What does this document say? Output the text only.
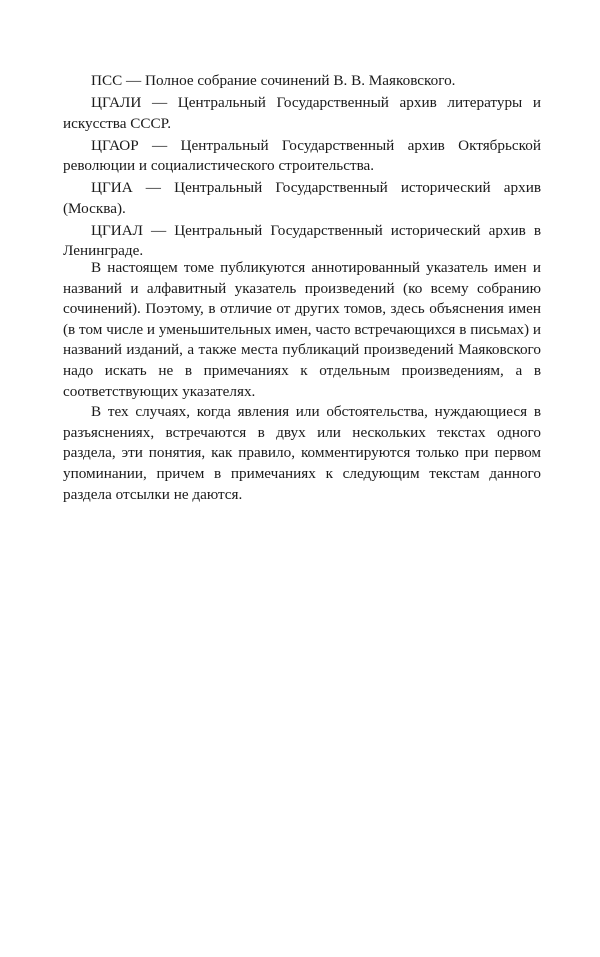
ПСС — Полное собрание сочинений В. В. Маяковского.

ЦГАЛИ — Центральный Государственный архив литературы и искусства СССР.

ЦГАОР — Центральный Государственный архив Октябрьской революции и социалистического строительства.

ЦГИА — Центральный Государственный исторический архив (Москва).

ЦГИАЛ — Центральный Государственный исторический архив в Ленинграде.

В настоящем томе публикуются аннотированный указатель имен и названий и алфавитный указатель произведений (ко всему собранию сочинений). Поэтому, в отличие от других томов, здесь объяснения имен (в том числе и уменьшительных имен, часто встречающихся в письмах) и названий изданий, а также места публикаций произведений Маяковского надо искать не в примечаниях к отдельным произведениям, а в соответствующих указателях.

В тех случаях, когда явления или обстоятельства, нуждающиеся в разъяснениях, встречаются в двух или нескольких текстах одного раздела, эти понятия, как правило, комментируются только при первом упоминании, причем в примечаниях к следующим текстам данного раздела отсылки не даются.
